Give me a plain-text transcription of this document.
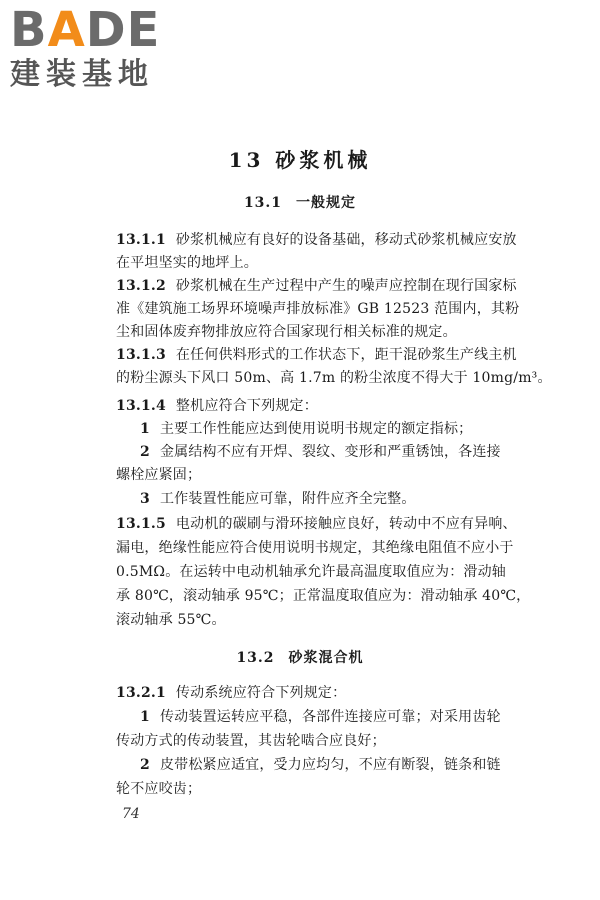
BADE
建装基地
13 砂浆机械
13.1 一般规定
13.1.1 砂浆机械应有良好的设备基础，移动式砂浆机械应安放
在平坦坚实的地坪上。
13.1.2 砂浆机械在生产过程中产生的噪声应控制在现行国家标
准《建筑施工场界环境噪声排放标准》GB 12523 范围内，其粉
尘和固体废弃物排放应符合国家现行相关标准的规定。
13.1.3 在任何供料形式的工作状态下，距干混砂浆生产线主机
的粉尘源头下风口 50m、高 1.7m 的粉尘浓度不得大于 10mg/m³。
13.1.4 整机应符合下列规定：
1 主要工作性能应达到使用说明书规定的额定指标；
2 金属结构不应有开焊、裂纹、变形和严重锈蚀，各连接
螺栓应紧固；
3 工作装置性能应可靠，附件应齐全完整。
13.1.5 电动机的碳刷与滑环接触应良好，转动中不应有异响、
漏电，绝缘性能应符合使用说明书规定，其绝缘电阻值不应小于
0.5MΩ。在运转中电动机轴承允许最高温度取值应为：滑动轴
承 80℃，滚动轴承 95℃；正常温度取值应为：滑动轴承 40℃，
滚动轴承 55℃。
13.2 砂浆混合机
13.2.1 传动系统应符合下列规定：
1 传动装置运转应平稳，各部件连接应可靠；对采用齿轮
传动方式的传动装置，其齿轮啮合应良好；
2 皮带松紧应适宜，受力应均匀，不应有断裂，链条和链
轮不应咬齿；
74
